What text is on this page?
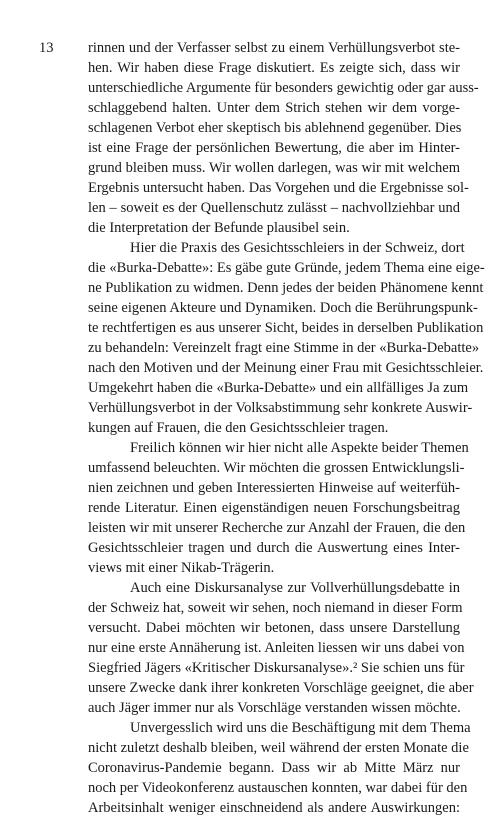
13 rinnen und der Verfasser selbst zu einem Verhüllungsverbot ste-
hen. Wir haben diese Frage diskutiert. Es zeigte sich, dass wir
unterschiedliche Argumente für besonders gewichtig oder gar auss-
schlaggebend halten. Unter dem Strich stehen wir dem vorge-
schlagenen Verbot eher skeptisch bis ablehnend gegenüber. Dies
ist eine Frage der persönlichen Bewertung, die aber im Hinter-
grund bleiben muss. Wir wollen darlegen, was wir mit welchem
Ergebnis untersucht haben. Das Vorgehen und die Ergebnisse sol-
len – soweit es der Quellenschutz zulässt – nachvollziehbar und
die Interpretation der Befunde plausibel sein.
Hier die Praxis des Gesichtsschleiers in der Schweiz, dort
die «Burka-Debatte»: Es gäbe gute Gründe, jedem Thema eine eige-
ne Publikation zu widmen. Denn jedes der beiden Phänomene kennt
seine eigenen Akteure und Dynamiken. Doch die Berührungspunk-
te rechtfertigen es aus unserer Sicht, beides in derselben Publikation
zu behandeln: Vereinzelt fragt eine Stimme in der «Burka-Debatte»
nach den Motiven und der Meinung einer Frau mit Gesichtsschleier.
Umgekehrt haben die «Burka-Debatte» und ein allfälliges Ja zum
Verhüllungsverbot in der Volksabstimmung sehr konkrete Auswir-
kungen auf Frauen, die den Gesichtsschleier tragen.
Freilich können wir hier nicht alle Aspekte beider Themen
umfassend beleuchten. Wir möchten die grossen Entwicklungsli-
nien zeichnen und geben Interessierten Hinweise auf weiterfüh-
rende Literatur. Einen eigenständigen neuen Forschungsbeitrag
leisten wir mit unserer Recherche zur Anzahl der Frauen, die den
Gesichtsschleier tragen und durch die Auswertung eines Inter-
views mit einer Nikab-Trägerin.
Auch eine Diskursanalyse zur Vollverhüllungsdebatte in
der Schweiz hat, soweit wir sehen, noch niemand in dieser Form
versucht. Dabei möchten wir betonen, dass unsere Darstellung
nur eine erste Annäherung ist. Anleiten liessen wir uns dabei von
Siegfried Jägers «Kritischer Diskursanalyse».² Sie schien uns für
unsere Zwecke dank ihrer konkreten Vorschläge geeignet, die aber
auch Jäger immer nur als Vorschläge verstanden wissen möchte.
Unvergesslich wird uns die Beschäftigung mit dem Thema
nicht zuletzt deshalb bleiben, weil während der ersten Monate die
Coronavirus-Pandemie begann. Dass wir ab Mitte März nur
noch per Videokonferenz austauschen konnten, war dabei für den
Arbeitsinhalt weniger einschneidend als andere Auswirkungen:
